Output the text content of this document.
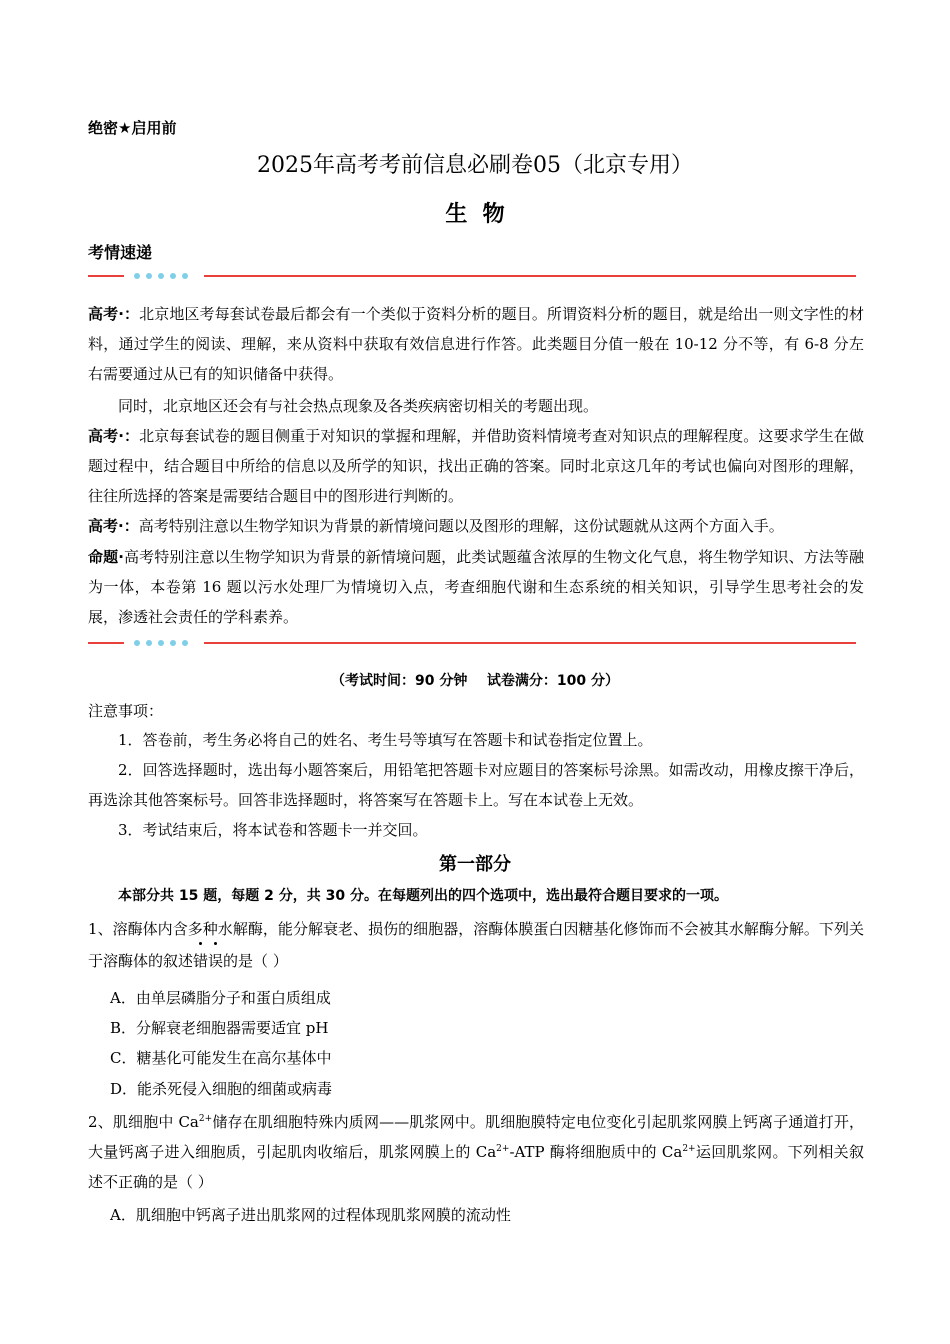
绝密★启用前
2025年高考考前信息必刷卷05（北京专用）
生  物
考情速递
高考·：北京地区考每套试卷最后都会有一个类似于资料分析的题目。所谓资料分析的题目，就是给出一则文字性的材料，通过学生的阅读、理解，来从资料中获取有效信息进行作答。此类题目分值一般在 10-12 分不等，有 6-8 分左右需要通过从已有的知识储备中获得。
同时，北京地区还会有与社会热点现象及各类疾病密切相关的考题出现。
高考·：北京每套试卷的题目侧重于对知识的掌握和理解，并借助资料情境考查对知识点的理解程度。这要求学生在做题过程中，结合题目中所给的信息以及所学的知识，找出正确的答案。同时北京这几年的考试也偏向对图形的理解，往往所选择的答案是需要结合题目中的图形进行判断的。
高考·：高考特别注意以生物学知识为背景的新情境问题以及图形的理解，这份试题就从这两个方面入手。
命题·高考特别注意以生物学知识为背景的新情境问题，此类试题蕴含浓厚的生物文化气息，将生物学知识、方法等融为一体，本卷第 16 题以污水处理厂为情境切入点，考查细胞代谢和生态系统的相关知识，引导学生思考社会的发展，渗透社会责任的学科素养。
（考试时间：90 分钟    试卷满分：100 分）
注意事项：
1．答卷前，考生务必将自己的姓名、考生号等填写在答题卡和试卷指定位置上。
2．回答选择题时，选出每小题答案后，用铅笔把答题卡对应题目的答案标号涂黑。如需改动，用橡皮擦干净后，再选涂其他答案标号。回答非选择题时，将答案写在答题卡上。写在本试卷上无效。
3．考试结束后，将本试卷和答题卡一并交回。
第一部分
本部分共 15 题，每题 2 分，共 30 分。在每题列出的四个选项中，选出最符合题目要求的一项。
1、溶酶体内含多种水解酶，能分解衰老、损伤的细胞器，溶酶体膜蛋白因糖基化修饰而不会被其水解酶分解。下列关于溶酶体的叙述错误的是（ ）
A．由单层磷脂分子和蛋白质组成
B．分解衰老细胞器需要适宜 pH
C．糖基化可能发生在高尔基体中
D．能杀死侵入细胞的细菌或病毒
2、肌细胞中 $Ca^{2+}$储存在肌细胞特殊内质网——肌浆网中。肌细胞膜特定电位变化引起肌浆网膜上钙离子通道打开，大量钙离子进入细胞质，引起肌肉收缩后，肌浆网膜上的 $Ca^{2+}$-ATP 酶将细胞质中的 $Ca^{2+}$运回肌浆网。下列相关叙述不正确的是（ ）
A．肌细胞中钙离子进出肌浆网的过程体现肌浆网膜的流动性
